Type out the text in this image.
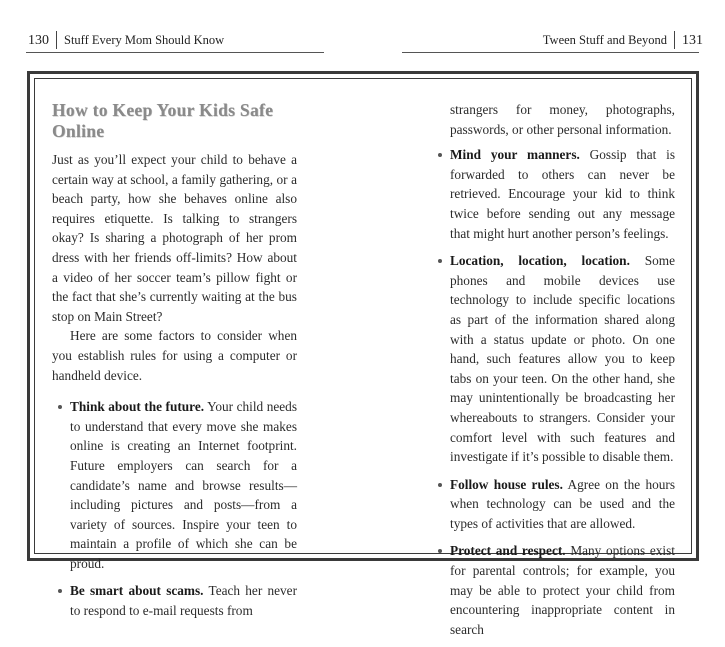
130 Stuff Every Mom Should Know	Tween Stuff and Beyond 131
How to Keep Your Kids Safe Online

Just as you’ll expect your child to behave a certain way at school, a family gathering, or a beach party, how she behaves online also requires etiquette. Is talking to strangers okay? Is sharing a photograph of her prom dress with her friends off-limits? How about a video of her soccer team’s pillow fight or the fact that she’s currently waiting at the bus stop on Main Street?

Here are some factors to consider when you establish rules for using a computer or handheld device.

Think about the future. Your child needs to understand that every move she makes online is creating an Internet footprint. Future employers can search for a candidate’s name and browse results—including pictures and posts—from a variety of sources. Inspire your teen to maintain a profile of which she can be proud.
Be smart about scams. Teach her never to respond to e-mail requests from

strangers for money, photographs, passwords, or other personal information.

Mind your manners. Gossip that is forwarded to others can never be retrieved. Encourage your kid to think twice before sending out any message that might hurt another person’s feelings.
Location, location, location. Some phones and mobile devices use technology to include specific locations as part of the information shared along with a status update or photo. On one hand, such features allow you to keep tabs on your teen. On the other hand, she may unintentionally be broadcasting her whereabouts to strangers. Consider your comfort level with such features and investigate if it’s possible to disable them.
Follow house rules. Agree on the hours when technology can be used and the types of activities that are allowed.
Protect and respect. Many options exist for parental controls; for example, you may be able to protect your child from encountering inappropriate content in search
